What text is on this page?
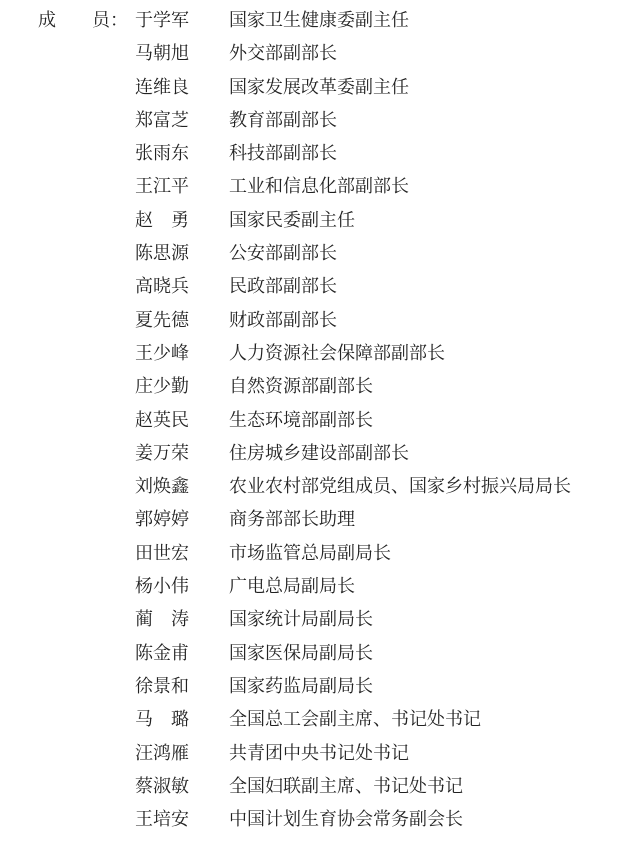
成　　员： 于学军	国家卫生健康委副主任
马朝旭	外交部副部长
连维良	国家发展改革委副主任
郑富芝	教育部副部长
张雨东	科技部副部长
王江平	工业和信息化部副部长
赵　勇	国家民委副主任
陈思源	公安部副部长
高晓兵	民政部副部长
夏先德	财政部副部长
王少峰	人力资源社会保障部副部长
庄少勤	自然资源部副部长
赵英民	生态环境部副部长
姜万荣	住房城乡建设部副部长
刘焕鑫	农业农村部党组成员、国家乡村振兴局局长
郭婷婷	商务部部长助理
田世宏	市场监管总局副局长
杨小伟	广电总局副局长
蔺　涛	国家统计局副局长
陈金甫	国家医保局副局长
徐景和	国家药监局副局长
马　璐	全国总工会副主席、书记处书记
汪鸿雁	共青团中央书记处书记
蔡淑敏	全国妇联副主席、书记处书记
王培安	中国计划生育协会常务副会长
